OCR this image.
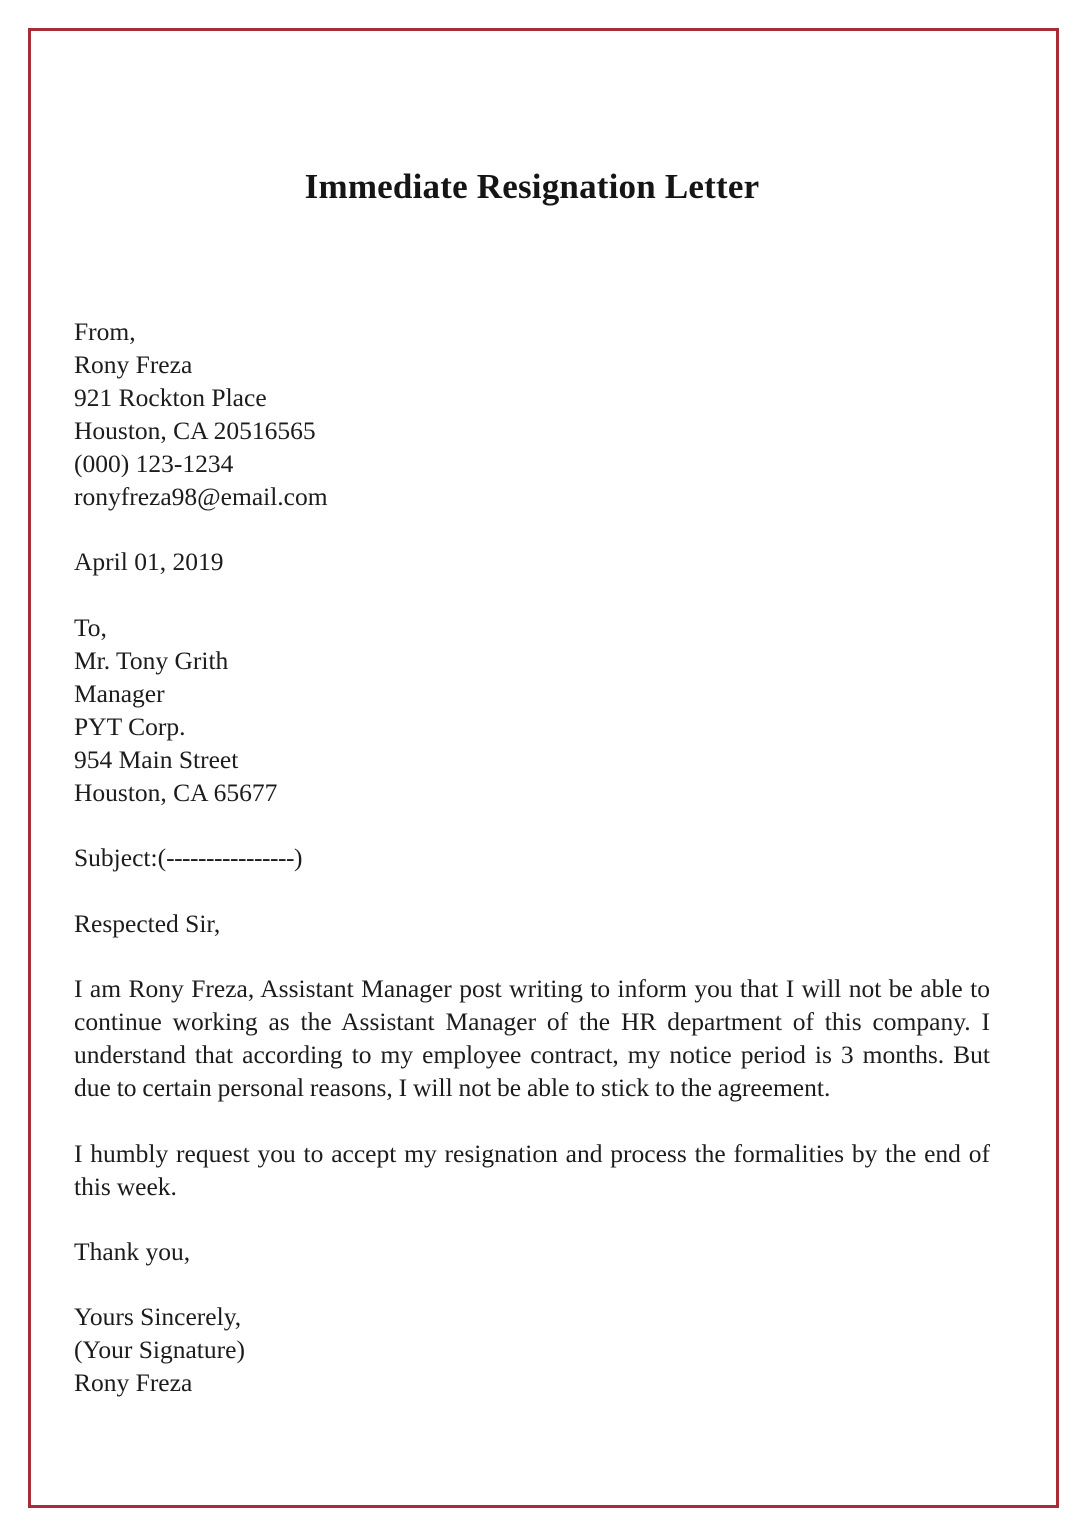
Immediate Resignation Letter
From,
Rony Freza
921 Rockton Place
Houston, CA 20516565
(000) 123-1234
ronyfreza98@email.com
April 01, 2019
To,
Mr. Tony Grith
Manager
PYT Corp.
954 Main Street
Houston, CA 65677
Subject:(----------------)
Respected Sir,

I am Rony Freza, Assistant Manager post writing to inform you that I will not be able to continue working as the Assistant Manager of the HR department of this company. I understand that according to my employee contract, my notice period is 3 months. But due to certain personal reasons, I will not be able to stick to the agreement.

I humbly request you to accept my resignation and process the formalities by the end of this week.

Thank you,
Yours Sincerely,
(Your Signature)
Rony Freza
